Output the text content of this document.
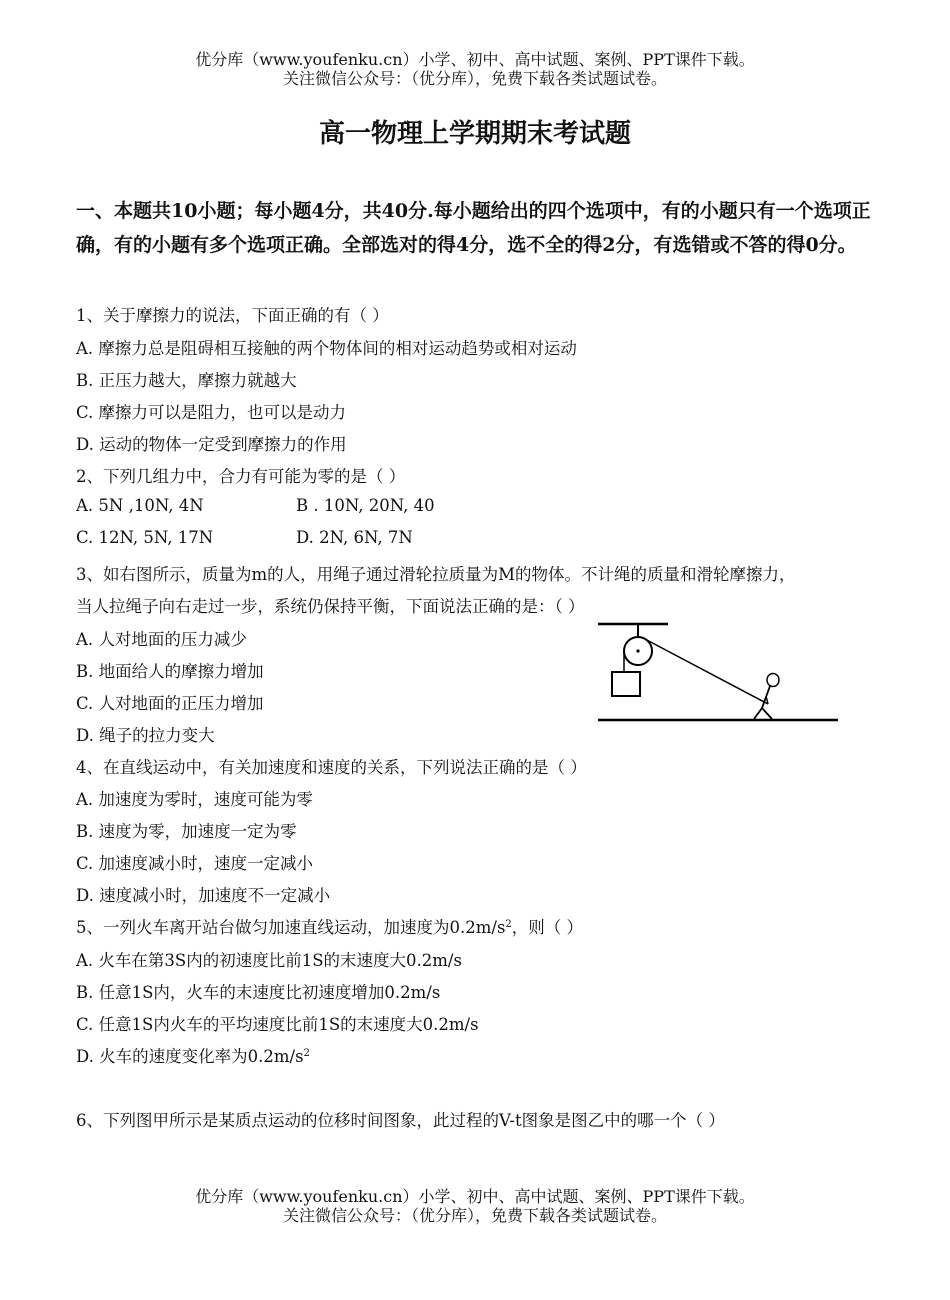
优分库（www.youfenku.cn）小学、初中、高中试题、案例、PPT课件下载。
关注微信公众号：（优分库），免费下载各类试题试卷。
高一物理上学期期末考试题
一、本题共10小题；每小题4分，共40分.每小题给出的四个选项中，有的小题只有一个选项正确，有的小题有多个选项正确。全部选对的得4分，选不全的得2分，有选错或不答的得0分。
1、关于摩擦力的说法，下面正确的有（ ）
A. 摩擦力总是阻碍相互接触的两个物体间的相对运动趋势或相对运动
B. 正压力越大，摩擦力就越大
C. 摩擦力可以是阻力，也可以是动力
D. 运动的物体一定受到摩擦力的作用
2、下列几组力中，合力有可能为零的是（ ）
A. 5N ,10N, 4N	B . 10N, 20N, 40
C. 12N, 5N, 17N	D. 2N, 6N, 7N
3、如右图所示，质量为m的人，用绳子通过滑轮拉质量为M的物体。不计绳的质量和滑轮摩擦力，
当人拉绳子向右走过一步，系统仍保持平衡，下面说法正确的是：（ ）
A. 人对地面的压力减少
B. 地面给人的摩擦力增加
C. 人对地面的正压力增加
D. 绳子的拉力变大
4、在直线运动中，有关加速度和速度的关系，下列说法正确的是（ ）
A. 加速度为零时，速度可能为零
B. 速度为零，加速度一定为零
C. 加速度减小时，速度一定减小
D. 速度减小时，加速度不一定减小
5、一列火车离开站台做匀加速直线运动，加速度为$0.2m/s^2$，则（ ）
A. 火车在第3S内的初速度比前1S的末速度大0.2m/s
B. 任意1S内，火车的末速度比初速度增加0.2m/s
C. 任意1S内火车的平均速度比前1S的末速度大0.2m/s
D. 火车的速度变化率为$0.2m/s^2$
6、下列图甲所示是某质点运动的位移时间图象，此过程的V-t图象是图乙中的哪一个（ ）
优分库（www.youfenku.cn）小学、初中、高中试题、案例、PPT课件下载。
关注微信公众号：（优分库），免费下载各类试题试卷。
